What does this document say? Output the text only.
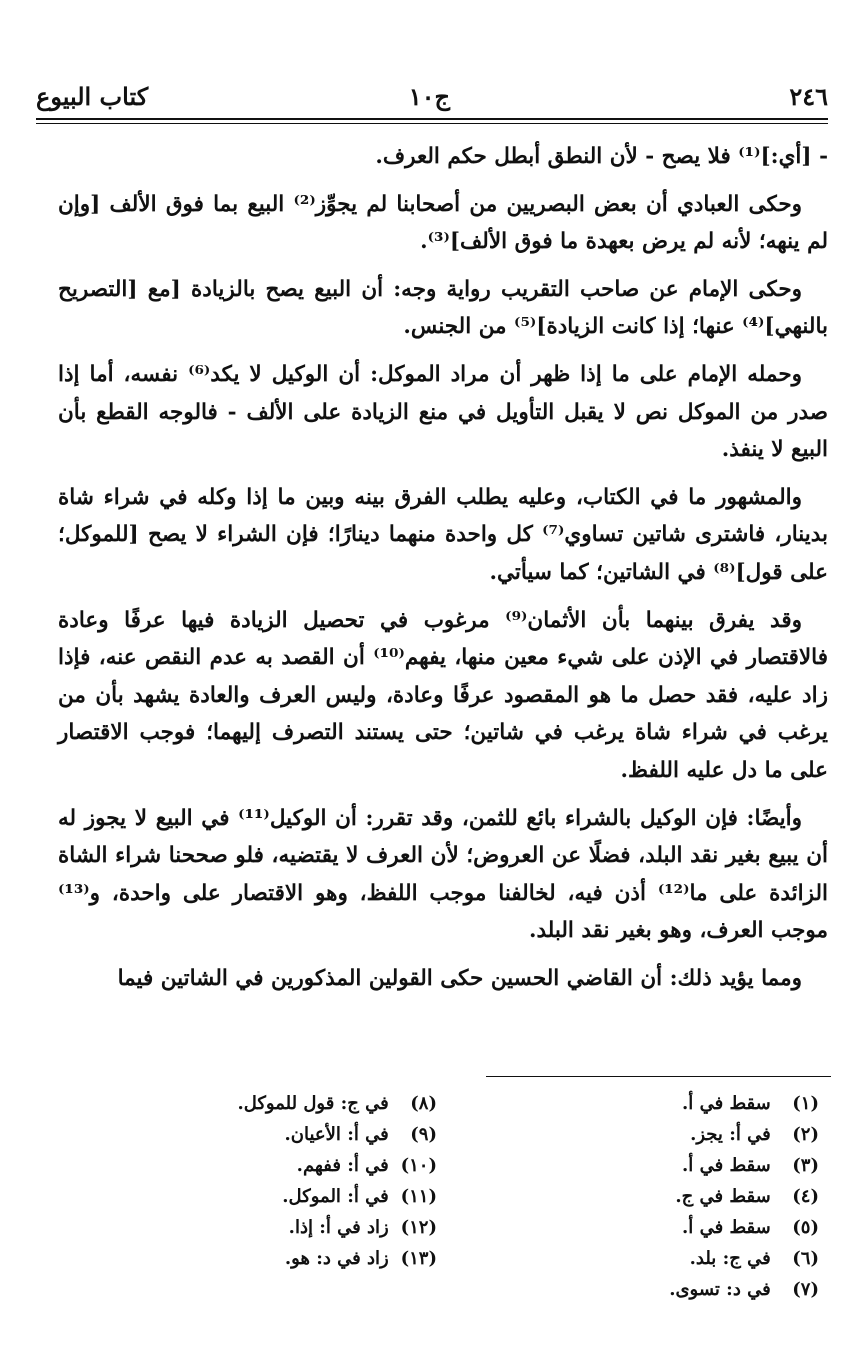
٢٤٦
ج١٠
كتاب البيوع

- [أي:]⁽¹⁾ فلا يصح - لأن النطق أبطل حكم العرف.

وحكى العبادي أن بعض البصريين من أصحابنا لم يجوِّز⁽²⁾ البيع بما فوق الألف [وإن لم ينهه؛ لأنه لم يرض بعهدة ما فوق الألف]⁽³⁾.

وحكى الإمام عن صاحب التقريب رواية وجه: أن البيع يصح بالزيادة [مع [التصريح بالنهي]⁽⁴⁾ عنها؛ إذا كانت الزيادة]⁽⁵⁾ من الجنس.

وحمله الإمام على ما إذا ظهر أن مراد الموكل: أن الوكيل لا يكد⁽⁶⁾ نفسه، أما إذا صدر من الموكل نص لا يقبل التأويل في منع الزيادة على الألف - فالوجه القطع بأن البيع لا ينفذ.

والمشهور ما في الكتاب، وعليه يطلب الفرق بينه وبين ما إذا وكله في شراء شاة بدينار، فاشترى شاتين تساوي⁽⁷⁾ كل واحدة منهما دينارًا؛ فإن الشراء لا يصح [للموكل؛ على قول]⁽⁸⁾ في الشاتين؛ كما سيأتي.

وقد يفرق بينهما بأن الأثمان⁽⁹⁾ مرغوب في تحصيل الزيادة فيها عرفًا وعادة فالاقتصار في الإذن على شيء معين منها، يفهم⁽¹⁰⁾ أن القصد به عدم النقص عنه، فإذا زاد عليه، فقد حصل ما هو المقصود عرفًا وعادة، وليس العرف والعادة يشهد بأن من يرغب في شراء شاة يرغب في شاتين؛ حتى يستند التصرف إليهما؛ فوجب الاقتصار على ما دل عليه اللفظ.

وأيضًا: فإن الوكيل بالشراء بائع للثمن، وقد تقرر: أن الوكيل⁽¹¹⁾ في البيع لا يجوز له أن يبيع بغير نقد البلد، فضلًا عن العروض؛ لأن العرف لا يقتضيه، فلو صححنا شراء الشاة الزائدة على ما⁽¹²⁾ أذن فيه، لخالفنا موجب اللفظ، وهو الاقتصار على واحدة، و⁽¹³⁾ موجب العرف، وهو بغير نقد البلد.

ومما يؤيد ذلك: أن القاضي الحسين حكى القولين المذكورين في الشاتين فيما

(١) سقط في أ.
(٢) في أ: يجز.
(٣) سقط في أ.
(٤) سقط في ج.
(٥) سقط في أ.
(٦) في ج: بلد.
(٧) في د: تسوى.
(٨) في ج: قول للموكل.
(٩) في أ: الأعيان.
(١٠) في أ: ففهم.
(١١) في أ: الموكل.
(١٢) زاد في أ: إذا.
(١٣) زاد في د: هو.
